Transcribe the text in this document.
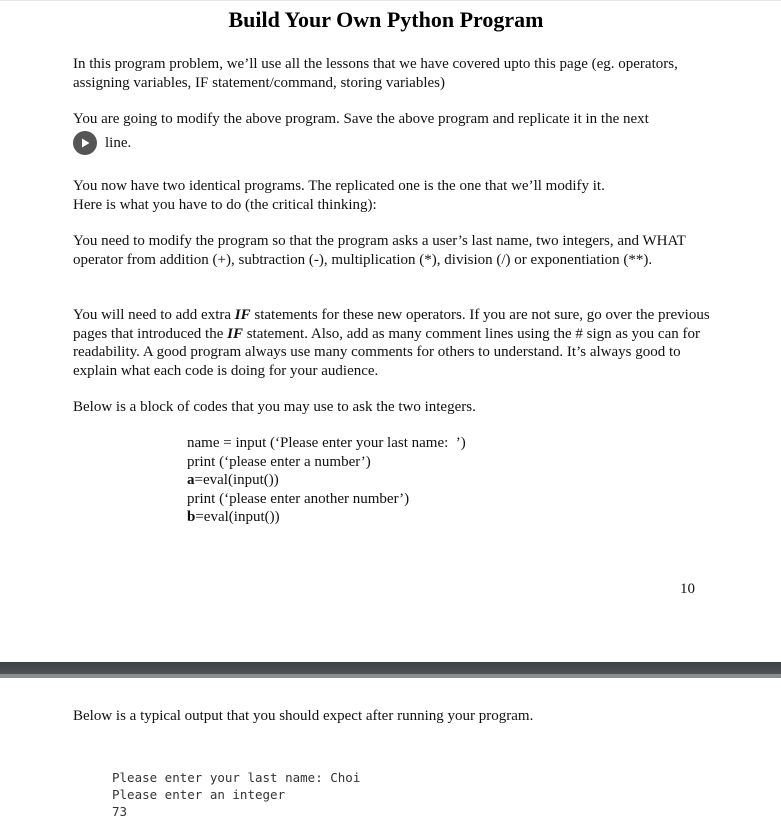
Build Your Own Python Program

In this program problem, we’ll use all the lessons that we have covered upto this page (eg. operators, assigning variables, IF statement/command, storing variables)

You are going to modify the above program. Save the above program and replicate it in the next

line.

You now have two identical programs. The replicated one is the one that we’ll modify it.
Here is what you have to do (the critical thinking):

You need to modify the program so that the program asks a user’s last name, two integers, and WHAT operator from addition (+), subtraction (-), multiplication (*), division (/) or exponentiation (**).

You will need to add extra IF statements for these new operators. If you are not sure, go over the previous pages that introduced the IF statement. Also, add as many comment lines using the # sign as you can for readability. A good program always use many comments for others to understand. It’s always good to explain what each code is doing for your audience.

Below is a block of codes that you may use to ask the two integers.

name = input (‘Please enter your last name:  ’)
print (‘please enter a number’)
a=eval(input())
print (‘please enter another number’)
b=eval(input())
10
Below is a typical output that you should expect after running your program.
Please enter your last name: Choi
Please enter an integer
73
